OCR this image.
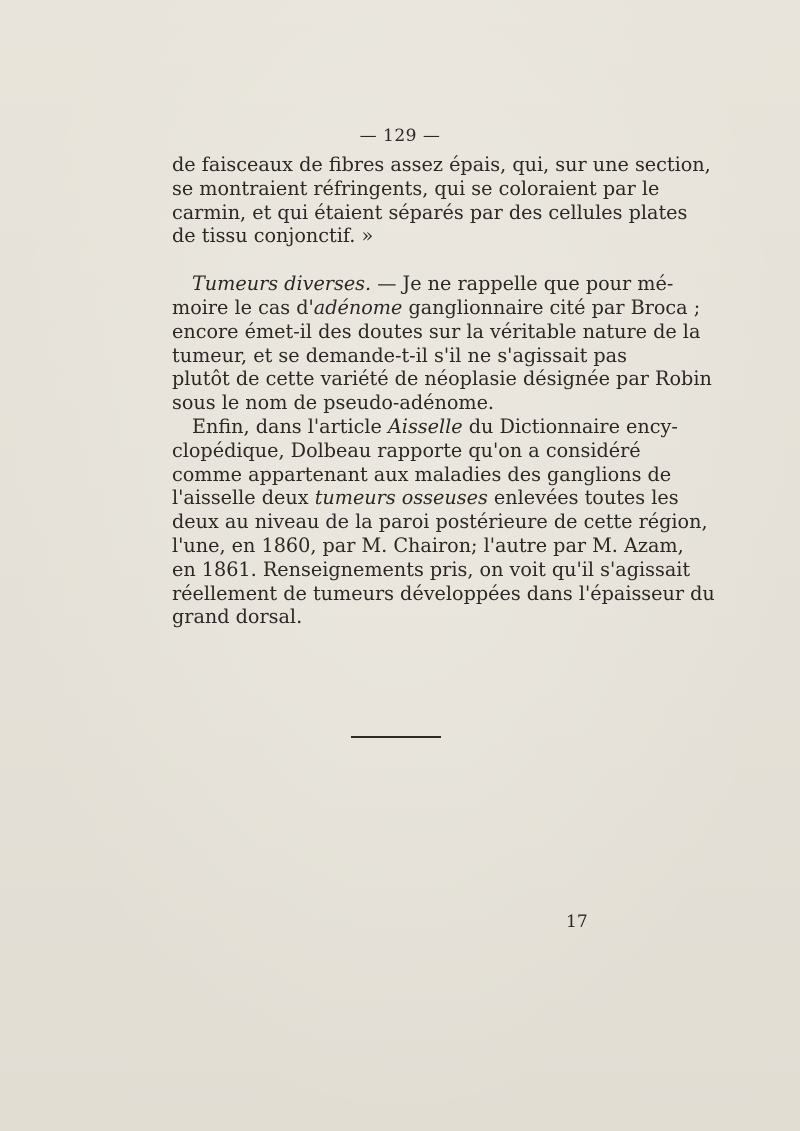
— 129 —
de faisceaux de fibres assez épais, qui, sur une section,
se montraient réfringents, qui se coloraient par le
carmin, et qui étaient séparés par des cellules plates
de tissu conjonctif. »
Tumeurs diverses. — Je ne rappelle que pour mé-
moire le cas d'adénome ganglionnaire cité par Broca ;
encore émet-il des doutes sur la véritable nature de la
tumeur, et se demande-t-il s'il ne s'agissait pas
plutôt de cette variété de néoplasie désignée par Robin
sous le nom de pseudo-adénome.
Enfin, dans l'article Aisselle du Dictionnaire ency-
clopédique, Dolbeau rapporte qu'on a considéré
comme appartenant aux maladies des ganglions de
l'aisselle deux tumeurs osseuses enlevées toutes les
deux au niveau de la paroi postérieure de cette région,
l'une, en 1860, par M. Chairon; l'autre par M. Azam,
en 1861. Renseignements pris, on voit qu'il s'agissait
réellement de tumeurs développées dans l'épaisseur du
grand dorsal.
17
